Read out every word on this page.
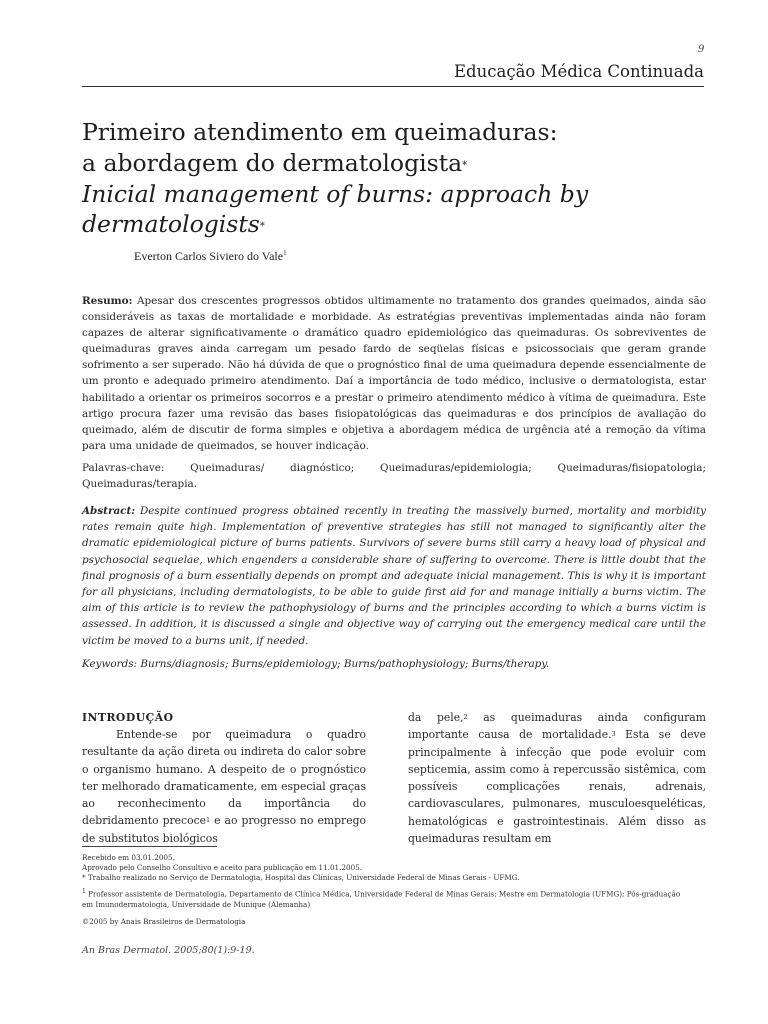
9
Educação Médica Continuada
Primeiro atendimento em queimaduras:
a abordagem do dermatologista*
Inicial management of burns: approach by
dermatologists*
Everton Carlos Siviero do Vale$^1$
Resumo: Apesar dos crescentes progressos obtidos ultimamente no tratamento dos grandes queimados, ainda são consideráveis as taxas de mortalidade e morbidade. As estratégias preventivas implementadas ainda não foram capazes de alterar significativamente o dramático quadro epidemiológico das queimaduras. Os sobreviventes de queimaduras graves ainda carregam um pesado fardo de seqüelas físicas e psicossociais que geram grande sofrimento a ser superado. Não há dúvida de que o prognóstico final de uma queimadura depende essencialmente de um pronto e adequado primeiro atendimento. Daí a importância de todo médico, inclusive o dermatologista, estar habilitado a orientar os primeiros socorros e a prestar o primeiro atendimento médico à vítima de queimadura. Este artigo procura fazer uma revisão das bases fisiopatológicas das queimaduras e dos princípios de avaliação do queimado, além de discutir de forma simples e objetiva a abordagem médica de urgência até a remoção da vítima para uma unidade de queimados, se houver indicação.
Palavras-chave: Queimaduras/ diagnóstico; Queimaduras/epidemiologia; Queimaduras/fisiopatologia; Queimaduras/terapia.
Abstract: Despite continued progress obtained recently in treating the massively burned, mortality and morbidity rates remain quite high. Implementation of preventive strategies has still not managed to significantly alter the dramatic epidemiological picture of burns patients. Survivors of severe burns still carry a heavy load of physical and psychosocial sequelae, which engenders a considerable share of suffering to overcome. There is little doubt that the final prognosis of a burn essentially depends on prompt and adequate inicial management. This is why it is important for all physicians, including dermatologists, to be able to guide first aid for and manage initially a burns victim. The aim of this article is to review the pathophysiology of burns and the principles according to which a burns victim is assessed. In addition, it is discussed a single and objective way of carrying out the emergency medical care until the victim be moved to a burns unit, if needed.
Keywords: Burns/diagnosis; Burns/epidemiology; Burns/pathophysiology; Burns/therapy.
INTRODUÇÃO
Entende-se por queimadura o quadro resultante da ação direta ou indireta do calor sobre o organismo humano. A despeito de o prognóstico ter melhorado dramaticamente, em especial graças ao reconhecimento da importância do debridamento precoce$^1$ e ao progresso no emprego de substitutos biológicos
da pele,$^2$ as queimaduras ainda configuram importante causa de mortalidade.$^3$ Esta se deve principalmente à infecção que pode evoluir com septicemia, assim como à repercussão sistêmica, com possíveis complicações renais, adrenais, cardiovasculares, pulmonares, musculoesqueléticas, hematológicas e gastrointestinais. Além disso as queimaduras resultam em
Recebido em 03.01.2005.
Aprovado pelo Conselho Consultivo e aceito para publicação em 11.01.2005.
* Trabalho realizado no Serviço de Dermatologia, Hospital das Clínicas, Universidade Federal de Minas Gerais - UFMG.
$^1$ Professor assistente de Dermatologia, Departamento de Clínica Médica, Universidade Federal de Minas Gerais; Mestre em Dermatologia (UFMG); Pós-graduação em Imunodermatologia, Universidade de Munique (Alemanha)
©2005 by Anais Brasileiros de Dermatologia
An Bras Dermatol. 2005;80(1):9-19.
